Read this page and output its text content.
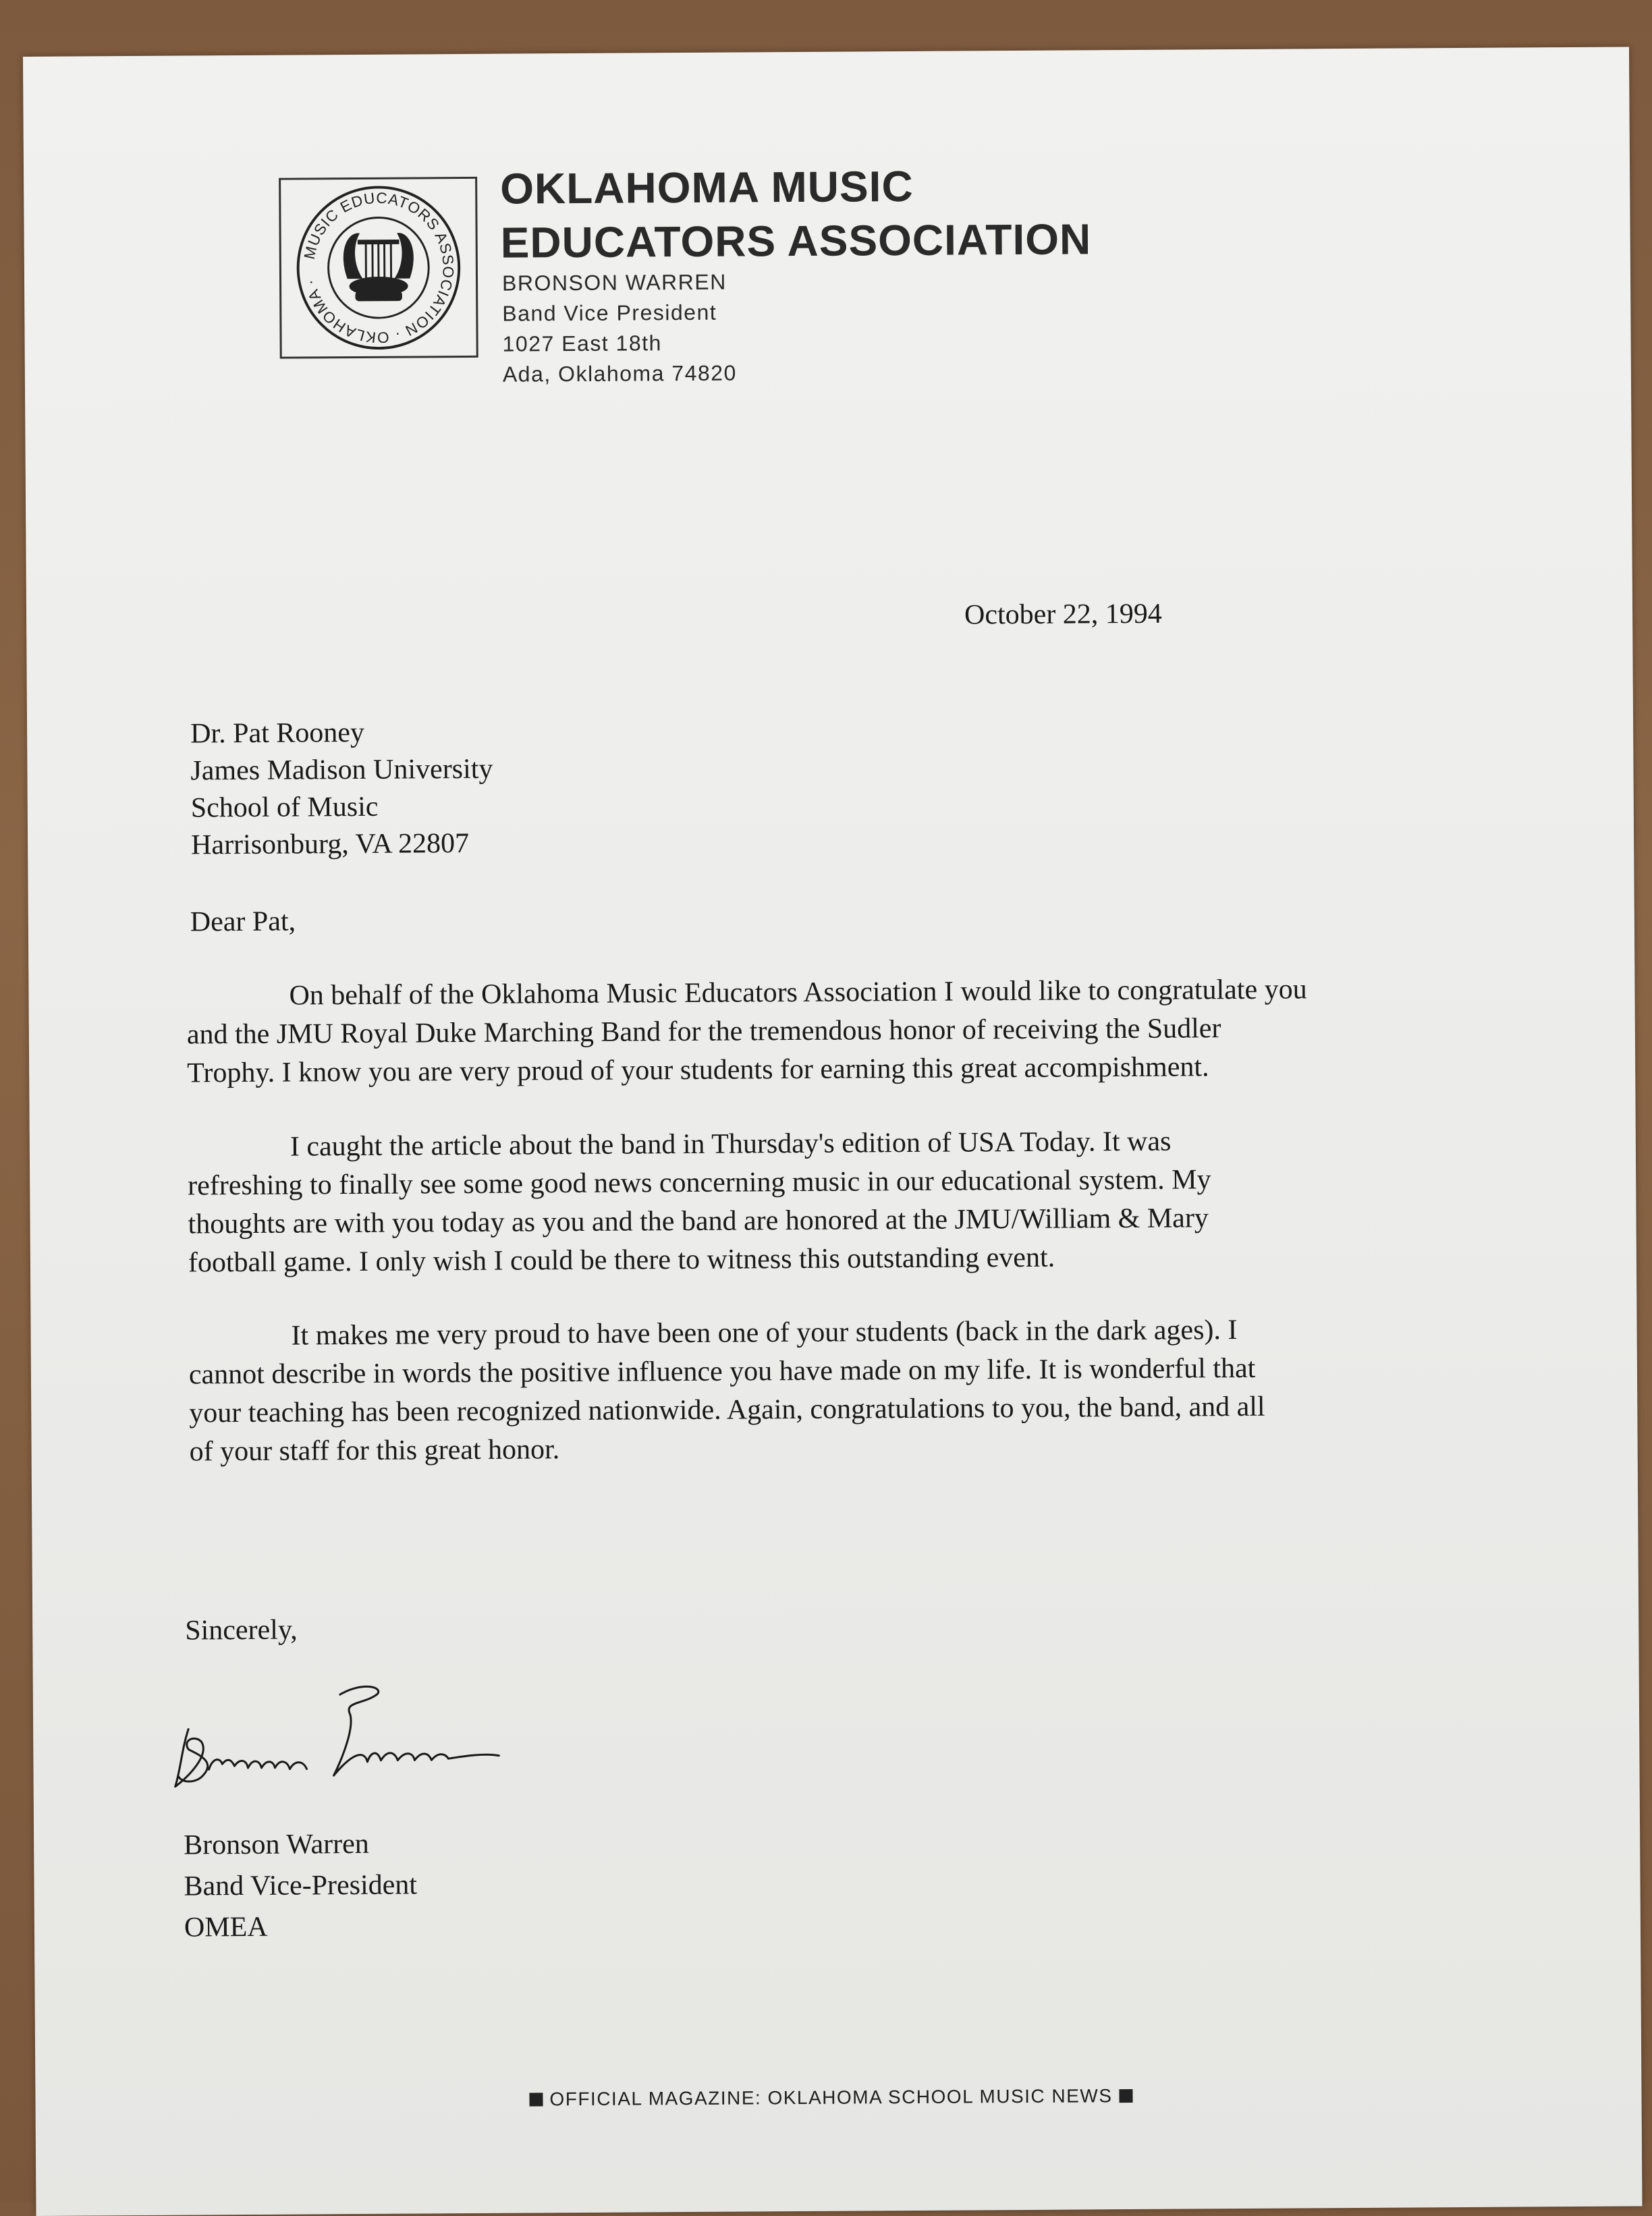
MUSIC EDUCATORS ASSOCIATION · OKLAHOMA ·
OKLAHOMA MUSIC
EDUCATORS ASSOCIATION
BRONSON WARREN
Band Vice President
1027 East 18th
Ada, Oklahoma 74820
October 22, 1994
Dr. Pat Rooney
James Madison University
School of Music
Harrisonburg, VA 22807
Dear Pat,
On behalf of the Oklahoma Music Educators Association I would like to congratulate you
and the JMU Royal Duke Marching Band for the tremendous honor of receiving the Sudler
Trophy. I know you are very proud of your students for earning this great accompishment.
I caught the article about the band in Thursday's edition of USA Today. It was
refreshing to finally see some good news concerning music in our educational system. My
thoughts are with you today as you and the band are honored at the JMU/William & Mary
football game. I only wish I could be there to witness this outstanding event.
It makes me very proud to have been one of your students (back in the dark ages). I
cannot describe in words the positive influence you have made on my life. It is wonderful that
your teaching has been recognized nationwide. Again, congratulations to you, the band, and all
of your staff for this great honor.
Sincerely,
Bronson Warren
Band Vice-President
OMEA
OFFICIAL MAGAZINE: OKLAHOMA SCHOOL MUSIC NEWS
